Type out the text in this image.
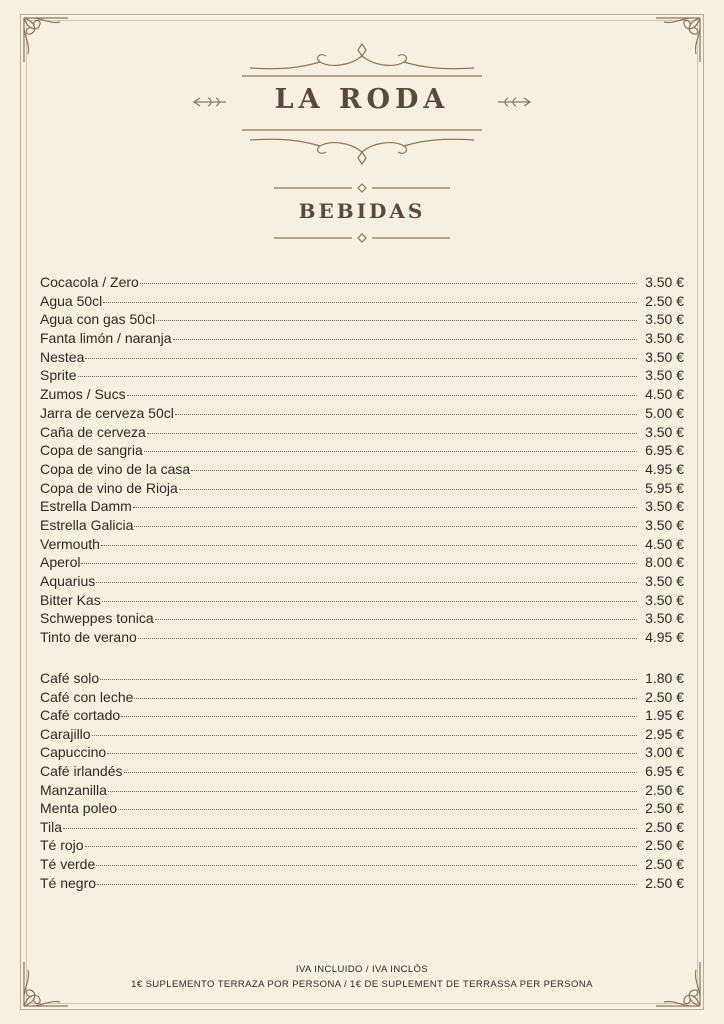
LA RODA
BEBIDAS
Cocacola / Zero	3.50 €
Agua 50cl	2.50 €
Agua con gas 50cl	3.50 €
Fanta limón / naranja	3.50 €
Nestea	3.50 €
Sprite	3.50 €
Zumos / Sucs	4.50 €
Jarra de cerveza 50cl	5.00 €
Caña de cerveza	3.50 €
Copa de sangria	6.95 €
Copa de vino de la casa	4.95 €
Copa de vino de Rioja	5.95 €
Estrella Damm	3.50 €
Estrella Galicia	3.50 €
Vermouth	4.50 €
Aperol	8.00 €
Aquarius	3.50 €
Bitter Kas	3.50 €
Schweppes tonica	3.50 €
Tinto de verano	4.95 €
Café solo	1.80 €
Café con leche	2.50 €
Café cortado	1.95 €
Carajillo	2.95 €
Capuccino	3.00 €
Café irlandés	6.95 €
Manzanilla	2.50 €
Menta poleo	2.50 €
Tila	2.50 €
Té rojo	2.50 €
Té verde	2.50 €
Té negro	2.50 €
IVA INCLUIDO / IVA INCLÒS
1€ SUPLEMENTO TERRAZA POR PERSONA / 1€ DE SUPLEMENT DE TERRASSA PER PERSONA
